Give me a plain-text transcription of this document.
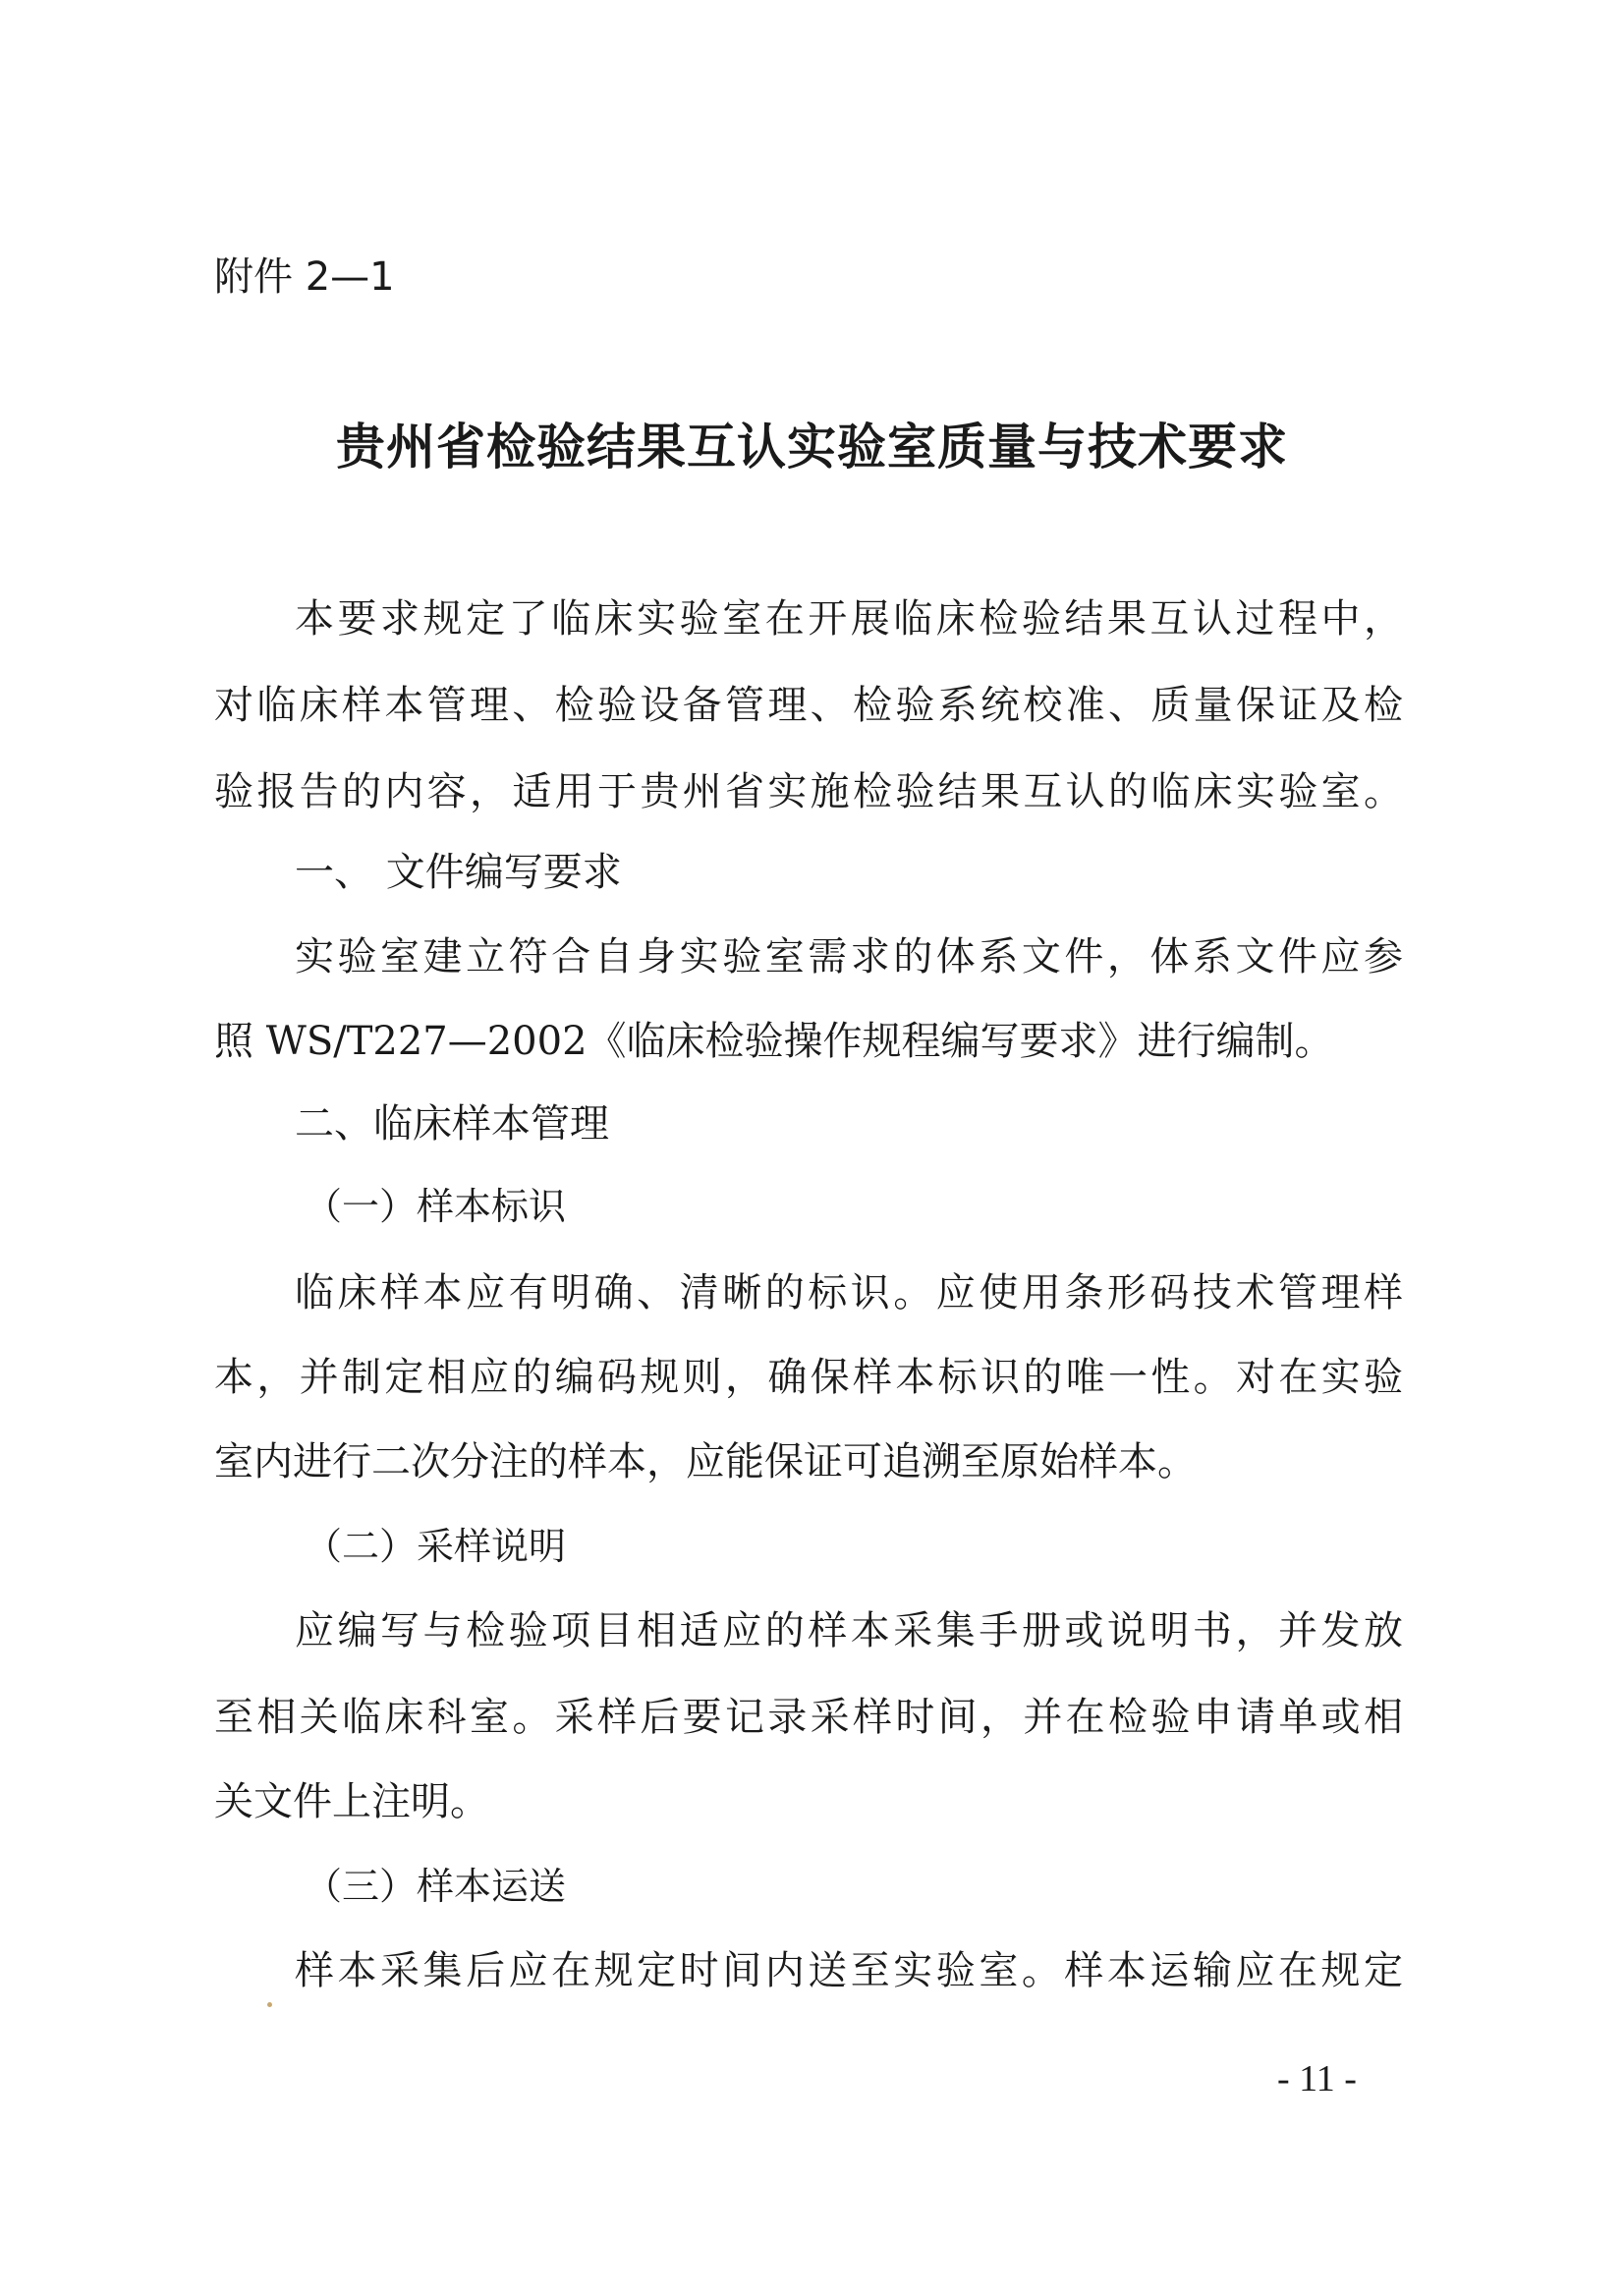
附件 2—1
贵州省检验结果互认实验室质量与技术要求
本要求规定了临床实验室在开展临床检验结果互认过程中，
对临床样本管理、检验设备管理、检验系统校准、质量保证及检
验报告的内容，适用于贵州省实施检验结果互认的临床实验室。
一、 文件编写要求
实验室建立符合自身实验室需求的体系文件，体系文件应参
照 WS/T227—2002《临床检验操作规程编写要求》进行编制。
二、临床样本管理
（一）样本标识
临床样本应有明确、清晰的标识。应使用条形码技术管理样
本，并制定相应的编码规则，确保样本标识的唯一性。对在实验
室内进行二次分注的样本，应能保证可追溯至原始样本。
（二）采样说明
应编写与检验项目相适应的样本采集手册或说明书，并发放
至相关临床科室。采样后要记录采样时间，并在检验申请单或相
关文件上注明。
（三）样本运送
样本采集后应在规定时间内送至实验室。样本运输应在规定
- 11 -
